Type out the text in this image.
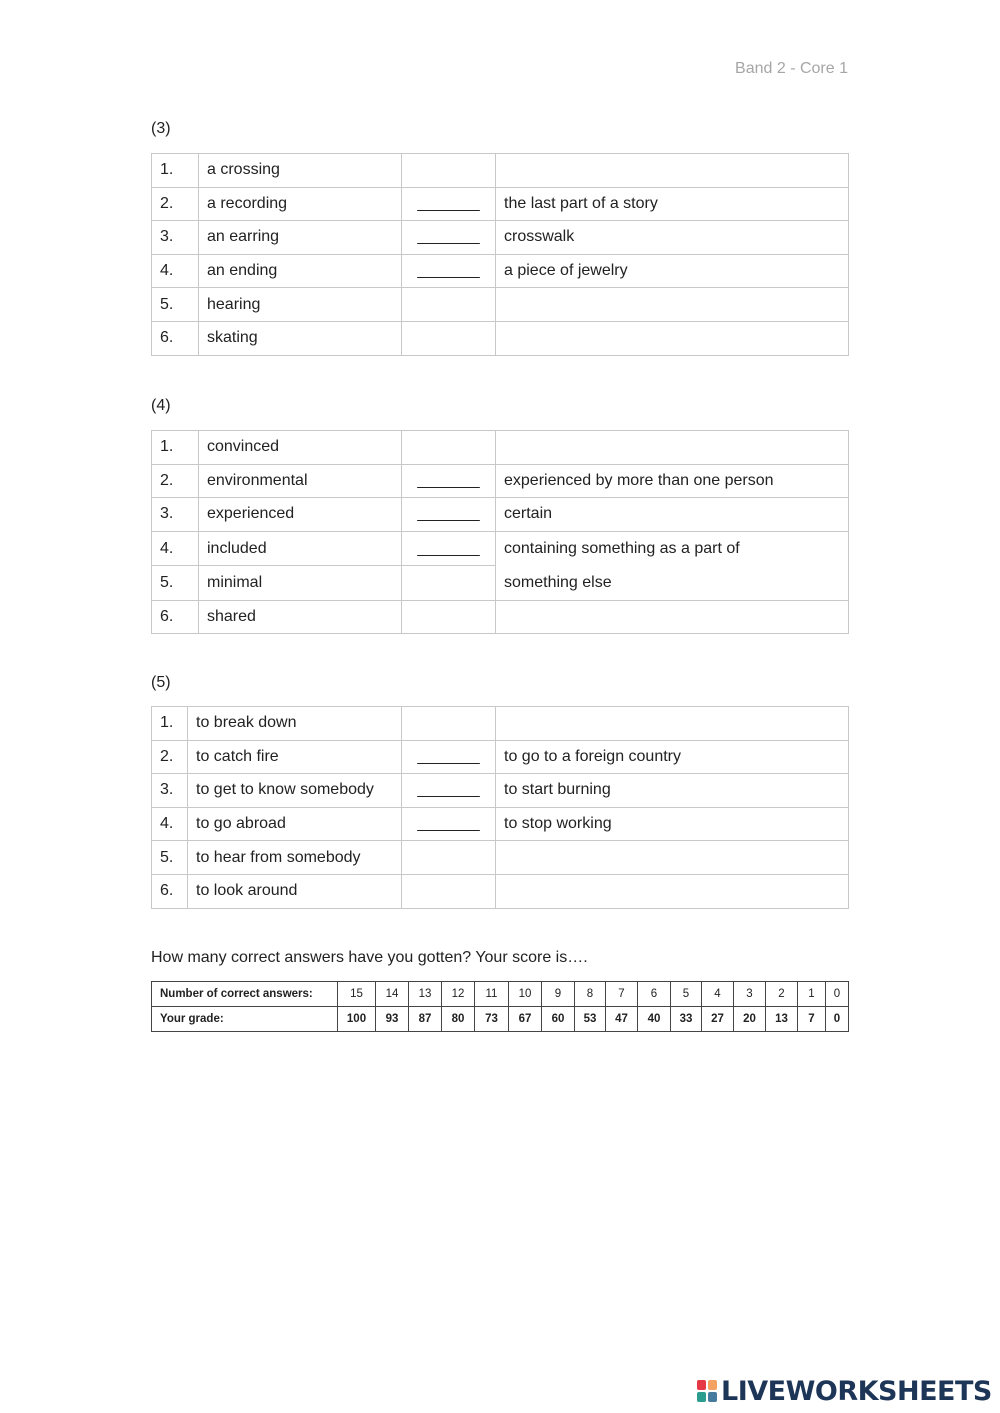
Band 2 - Core 1
(3)
1.	a crossing		
2.	a recording	_______	the last part of a story
3.	an earring	_______	crosswalk
4.	an ending	_______	a piece of jewelry
5.	hearing		
6.	skating		
(4)
1.	convinced		
2.	environmental	_______	experienced by more than one person
3.	experienced	_______	certain
4.	included	_______	containing something as a part of
something else

5.	minimal		
6.	shared		
(5)
1.	to break down		
2.	to catch fire	_______	to go to a foreign country
3.	to get to know somebody	_______	to start burning
4.	to go abroad	_______	to stop working
5.	to hear from somebody		
6.	to look around		
How many correct answers have you gotten? Your score is….
Number of correct answers:	15	14	13	12	11	10	9	8	7	6	5	4	3	2	1	0
Your grade:	100	93	87	80	73	67	60	53	47	40	33	27	20	13	7	0
LIVEWORKSHEETS
